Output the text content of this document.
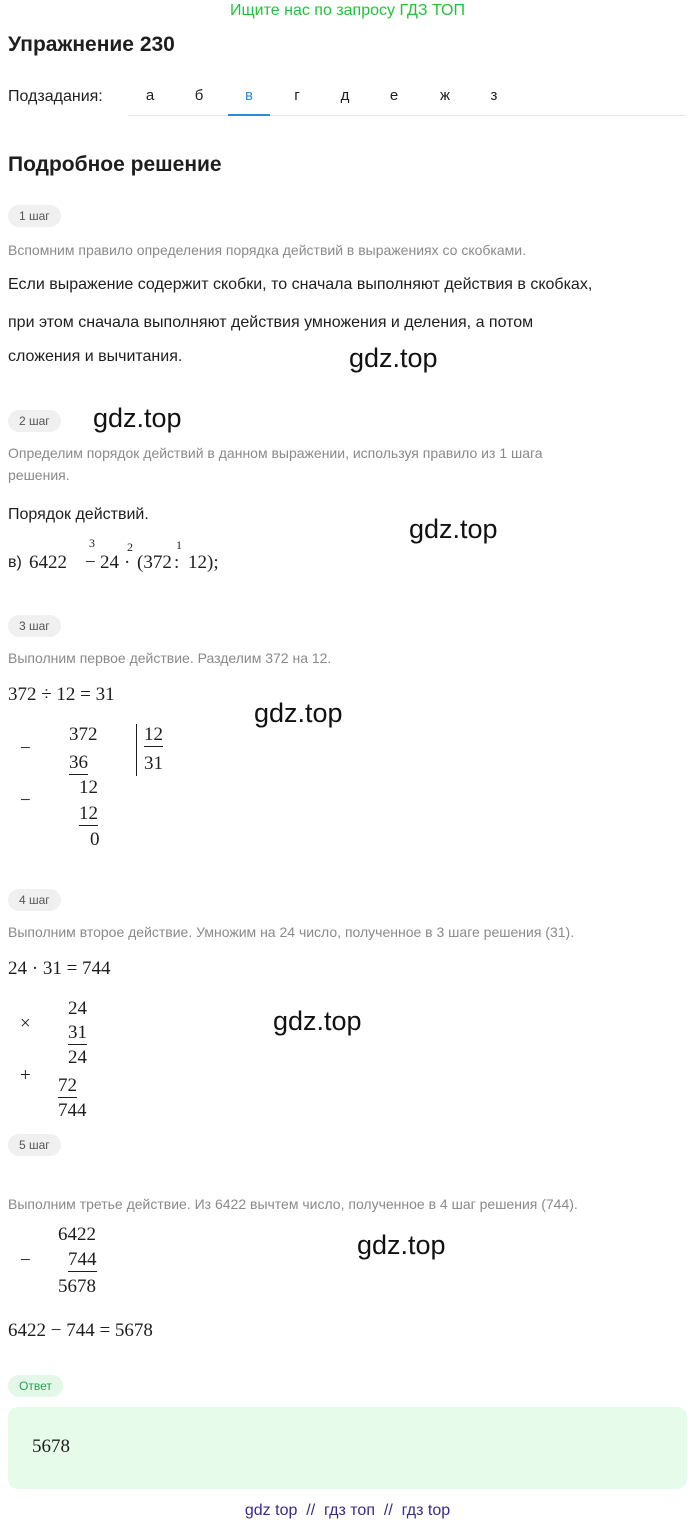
Ищите нас по запросу ГДЗ ТОП
Упражнение 230
Подзадания:	а	б	в	г	д	е	ж	з
Подробное решение
1 шаг
Вспомним правило определения порядка действий в выражениях со скобками.
Если выражение содержит скобки, то сначала выполняют действия в скобках,
при этом сначала выполняют действия умножения и деления, а потом
сложения и вычитания.	gdz.top
2 шаг	gdz.top
Определим порядок действий в данном выражении, используя правило из 1 шага
решения.
Порядок действий.	gdz.top
в) 6422 −
3
24 ·
2
(372 :
1
12);
3 шаг
Выполним первое действие. Разделим 372 на 12.
372 ÷ 12 = 31
gdz.top
−
372 12
36	31
−
12
12
0
4 шаг
Выполним второе действие. Умножим на 24 число, полученное в 3 шаге решения (31).
24 · 31 = 744
gdz.top
×
24
31
24
+ 72
744
5 шаг
Выполним третье действие. Из 6422 вычтем число, полученное в 4 шаг решения (744).
gdz.top
−
6422
744
5678
6422 − 744 = 5678
Ответ
5678
gdz top  //  гдз топ  //  гдз top
